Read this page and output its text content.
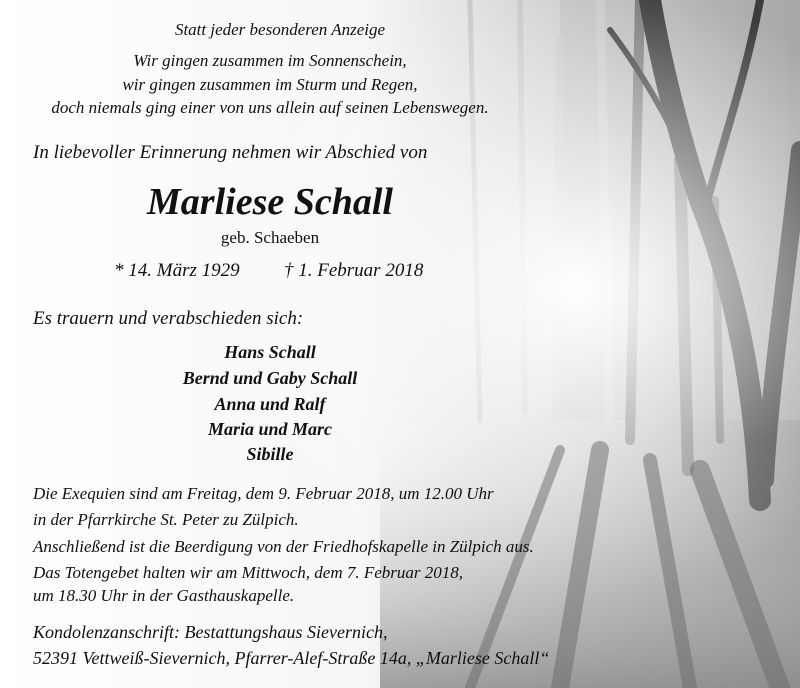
Statt jeder besonderen Anzeige
Wir gingen zusammen im Sonnenschein,
wir gingen zusammen im Sturm und Regen,
doch niemals ging einer von uns allein auf seinen Lebenswegen.
In liebevoller Erinnerung nehmen wir Abschied von
Marliese Schall
geb. Schaeben
* 14. März 1929 † 1. Februar 2018
Es trauern und verabschieden sich:
Hans Schall
Bernd und Gaby Schall
Anna und Ralf
Maria und Marc
Sibille
Die Exequien sind am Freitag, dem 9. Februar 2018, um 12.00 Uhr
in der Pfarrkirche St. Peter zu Zülpich.
Anschließend ist die Beerdigung von der Friedhofskapelle in Zülpich aus.
Das Totengebet halten wir am Mittwoch, dem 7. Februar 2018,
um 18.30 Uhr in der Gasthauskapelle.
Kondolenzanschrift: Bestattungshaus Sievernich,
52391 Vettweiß-Sievernich, Pfarrer-Alef-Straße 14a, „Marliese Schall“
